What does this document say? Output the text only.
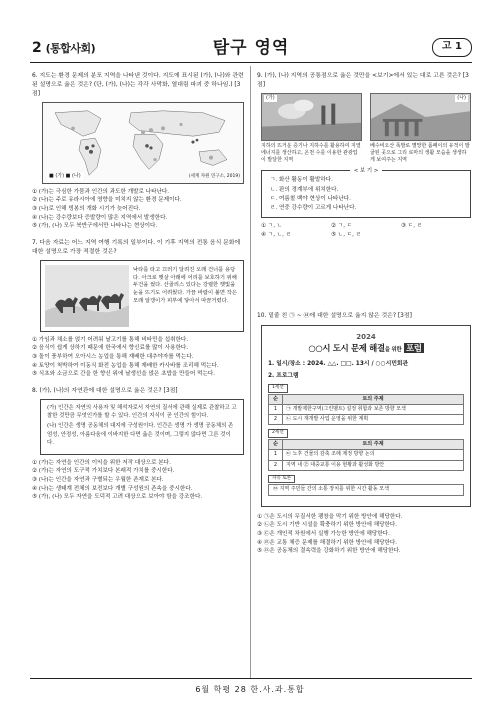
2 (통합사회)	탐구 영역	고 1
6. 지도는 환경 문제의 분포 지역을 나타낸 것이다. 지도에 표시된 (가), (나)와 관련된 설명으로 옳은 것은? (단, (가), (나)는 각각 사막화, 열대림 파괴 중 하나임.) [3점]
■ (가) ■ (나)	(세계 자원 연구소, 2019)
① (가)는 극심한 가뭄과 인간의 과도한 개발로 나타난다.
② (나)는 주로 유라시아에 영향을 미치지 않는 환경 문제이다.
③ (나)로 인해 빙봉의 개화 시기가 늦어진다.
④ (나)는 강수량보다 증발량이 많은 지역에서 발생한다.
⑤ (가), (나) 모두 북반구에서만 나타나는 현상이다.
7. 다음 자료는 어느 지역 여행 기록의 일부이다. 이 기후 지역의 전통 음식 문화에 대한 설명으로 가장 적절한 것은?
낙타를 타고 끄러기 달려진 오래 건너를 용당다. 아크로 햇살 아래에 어리를 보호하기 위해 두건을 썼다. 산골리스 있다는 강렬한 햇빛을 눈을 뜨기도 어려웠다. 가끔 바람이 불면 작은 모래 알갱이가 피부에 닿아서 따끔거렸다.
① 가임과 채소를 얹기 어려워 날고기를 통해 비타민을 섭취한다.
② 음식이 쉽게 상하기 때문에 한국에서 향신료를 많이 사용한다.
③ 돌이 풍부하여 오아시스 농업을 통해 재배한 대추야자를 먹는다.
④ 토양이 척박하여 이동식 화전 농업을 통해 재배한 카사바를 조리해 먹는다.
⑤ 식초와 소금으로 간을 한 향신 위에 날생선을 얹은 초밥을 만들어 먹는다.
8. (가), (나)의 자연관에 대한 설명으로 옳은 것은? [3점]

(가) 인간은 자연의 사용자 및 해석자로서 자연의 질서에 관해 실제로 관찰하고 고찰한 것만큼 무엇인가를 할 수 있다. 인간의 지식이 곧 인간의 힘이다.

(나) 인간은 생명 공동체의 대지에 구성원이다. 인간은 생명 가 생명 공동체의 존엄성, 안정성, 아름다움에 이바지한 다면 옳은 것이며, 그렇지 않다면 그른 것이다.

① (가)는 자연을 인간의 이익을 위한 저작 대상으로 본다.
② (가)는 자연의 도구적 가치보다 본래적 가치를 중시한다.
③ (나)는 인간을 자연과 구별되는 우월한 존재로 본다.
④ (나)는 생태계 전체의 보전보다 개별 구성원의 존속을 중시한다.
⑤ (가), (나) 모두 자연을 도덕적 고려 대상으로 보아야 함을 강조한다.
9. (가), (나) 지역의 공통점으로 옳은 것만을 <보기>에서 있는 대로 고른 것은? [3점]
(가)
지하의 뜨거운 증기나 지하수를 활용하여 지열 에너지를 생산하고, 온천 수를 이용한 관광업이 발달한 지역
(나)
베수비오산 폭발로 멸망한 폼페이의 유적이 발굴된 곳으로 그리 로마의 생활 모습을 생생하게 보여주는 지역
< 보 기 >
ㄱ. 화산 활동이 활발하다.
ㄴ. 판의 경계부에 위치한다.
ㄷ. 여름철 백야 현상이 나타난다.
ㄹ. 연중 강수량이 고르게 나타난다.
① ㄱ, ㄴ	② ㄱ, ㄷ	③ ㄷ, ㄹ
④ ㄱ, ㄴ, ㄹ	⑤ ㄴ, ㄷ, ㄹ
10. 밑줄 친 ㉠ ~ ㉥에 대한 설명으로 옳지 않은 것은? [3점]
2024
○○시 도시 문제 해결을 위한 포럼
1. 일시/장소 : 2024. △△. □□. 13시 / ○○시민회관
2. 프로그램
1세션
순	토의 주제
1	㉠ 개발제한구역(그린벨트) 설정 취합과 보존 방향 모색
2	㉡ 도시 재개발 사업 운영을 위한 계획
2세션
순	토의 주제
1	㉢ 노후 건물의 감축 조례 제정 방향 논의
2	지역 내 ㉣ 대중교통 이용 현황과 활성화 방안
자유 토론
㉤ 지역 주민들 간의 소통 장치를 위한 시간 활동 모색
① ㉠은 도시의 무질서한 팽창을 막기 위한 방안에 해당한다.
② ㉡은 도시 기반 시설을 확충하기 위한 방안에 해당한다.
③ ㉢은 개인적 차원에서 실행 가능한 방안에 해당한다.
④ ㉣은 교통 체증 문제를 해결하기 위한 방안에 해당한다.
⑤ ㉤은 공동체의 결속력을 강화하기 위한 방안에 해당한다.
6월 학평 28 한.사.과.통합
